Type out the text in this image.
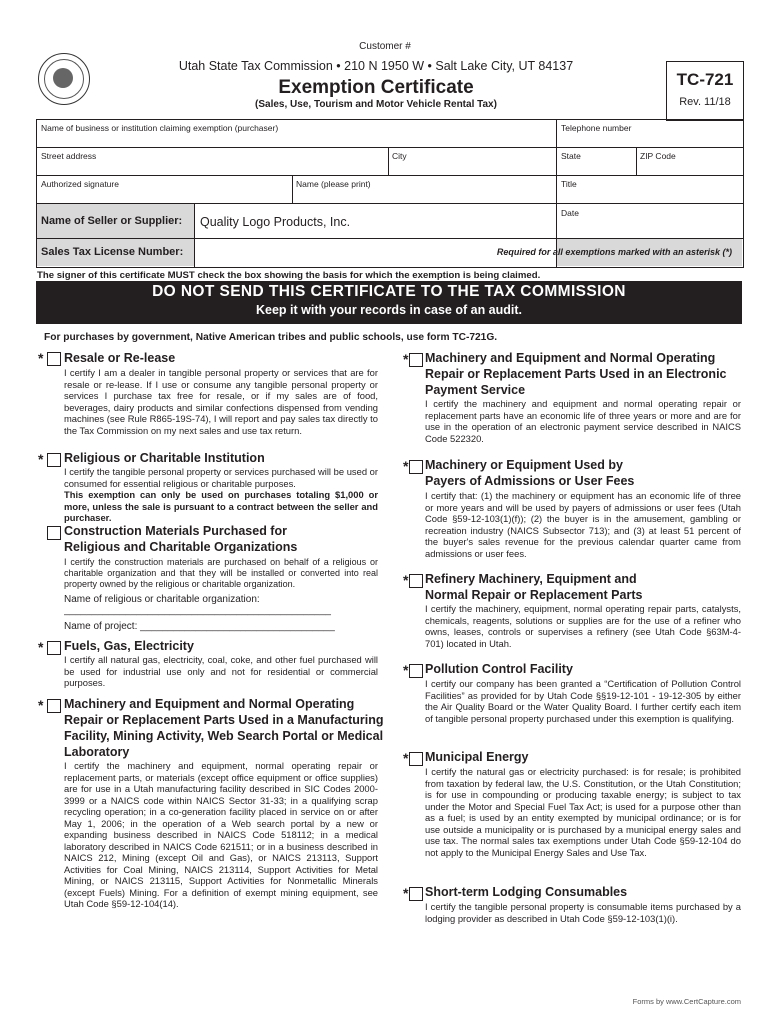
Customer #
Utah State Tax Commission • 210 N 1950 W • Salt Lake City, UT 84137
Exemption Certificate
(Sales, Use, Tourism and Motor Vehicle Rental Tax)
TC-721
Rev. 11/18
Name of business or institution claiming exemption (purchaser)	Telephone number
Street address	City	State	ZIP Code
Authorized signature	Name (please print)	Title
Name of Seller or Supplier: Quality Logo Products, Inc.
Date
Sales Tax License Number:	Required for all exemptions marked with an asterisk (*)
The signer of this certificate MUST check the box showing the basis for which the exemption is being claimed.
DO NOT SEND THIS CERTIFICATE TO THE TAX COMMISSION
Keep it with your records in case of an audit.
For purchases by government, Native American tribes and public schools, use form TC-721G.
* Resale or Re-lease
I certify I am a dealer in tangible personal property or services that are for resale or re-lease. If I use or consume any tangible personal property or services I purchase tax free for resale, or if my sales are of food, beverages, dairy products and similar confections dispensed from vending machines (see Rule R865-19S-74), I will report and pay sales tax directly to the Tax Commission on my next sales and use tax return.
* Religious or Charitable Institution
I certify the tangible personal property or services purchased will be used or consumed for essential religious or charitable purposes.
This exemption can only be used on purchases totaling $1,000 or more, unless the sale is pursuant to a contract between the seller and purchaser.
Construction Materials Purchased for
Religious and Charitable Organizations
I certify the construction materials are purchased on behalf of a religious or charitable organization and that they will be installed or converted into real property owned by the religious or charitable organization.
Name of religious or charitable organization:
________________________________________________
Name of project: ___________________________________
* Fuels, Gas, Electricity
I certify all natural gas, electricity, coal, coke, and other fuel purchased will be used for industrial use only and not for residential or commercial purposes.
* Machinery and Equipment and Normal Operating
Repair or Replacement Parts Used in a Manufacturing
Facility, Mining Activity, Web Search Portal or Medical
Laboratory
I certify the machinery and equipment, normal operating repair or replacement parts, or materials (except office equipment or office supplies) are for use in a Utah manufacturing facility described in SIC Codes 2000-3999 or a NAICS code within NAICS Sector 31-33; in a qualifying scrap recycling operation; in a co-generation facility placed in service on or after May 1, 2006; in the operation of a Web search portal by a new or expanding business described in NAICS Code 518112; in a medical laboratory described in NAICS Code 621511; or in a business described in NAICS 212, Mining (except Oil and Gas), or NAICS 213113, Support Activities for Coal Mining, NAICS 213114, Support Activities for Metal Mining, or NAICS 213115, Support Activities for Nonmetallic Minerals (except Fuels) Mining. For a definition of exempt mining equipment, see Utah Code §59-12-104(14).
* Machinery and Equipment and Normal Operating
Repair or Replacement Parts Used in an Electronic
Payment Service
I certify the machinery and equipment and normal operating repair or replacement parts have an economic life of three years or more and are for use in the operation of an electronic payment service described in NAICS Code 522320.
* Machinery or Equipment Used by
Payers of Admissions or User Fees
I certify that: (1) the machinery or equipment has an economic life of three or more years and will be used by payers of admissions or user fees (Utah Code §59-12-103(1)(f)); (2) the buyer is in the amusement, gambling or recreation industry (NAICS Subsector 713); and (3) at least 51 percent of the buyer's sales revenue for the previous calendar quarter came from admissions or user fees.
* Refinery Machinery, Equipment and
Normal Repair or Replacement Parts
I certify the machinery, equipment, normal operating repair parts, catalysts, chemicals, reagents, solutions or supplies are for the use of a refiner who owns, leases, controls or supervises a refinery (see Utah Code §63M-4-701) located in Utah.
* Pollution Control Facility
I certify our company has been granted a “Certification of Pollution Control Facilities” as provided for by Utah Code §§19-12-101 - 19-12-305 by either the Air Quality Board or the Water Quality Board. I further certify each item of tangible personal property purchased under this exemption is qualifying.
* Municipal Energy
I certify the natural gas or electricity purchased: is for resale; is prohibited from taxation by federal law, the U.S. Constitution, or the Utah Constitution; is for use in compounding or producing taxable energy; is subject to tax under the Motor and Special Fuel Tax Act; is used for a purpose other than as a fuel; is used by an entity exempted by municipal ordinance; or is for use outside a municipality or is purchased by a municipal energy sales and use tax. The normal sales tax exemptions under Utah Code §59-12-104 do not apply to the Municipal Energy Sales and Use Tax.
* Short-term Lodging Consumables
I certify the tangible personal property is consumable items purchased by a lodging provider as described in Utah Code §59-12-103(1)(i).
Forms by www.CertCapture.com
